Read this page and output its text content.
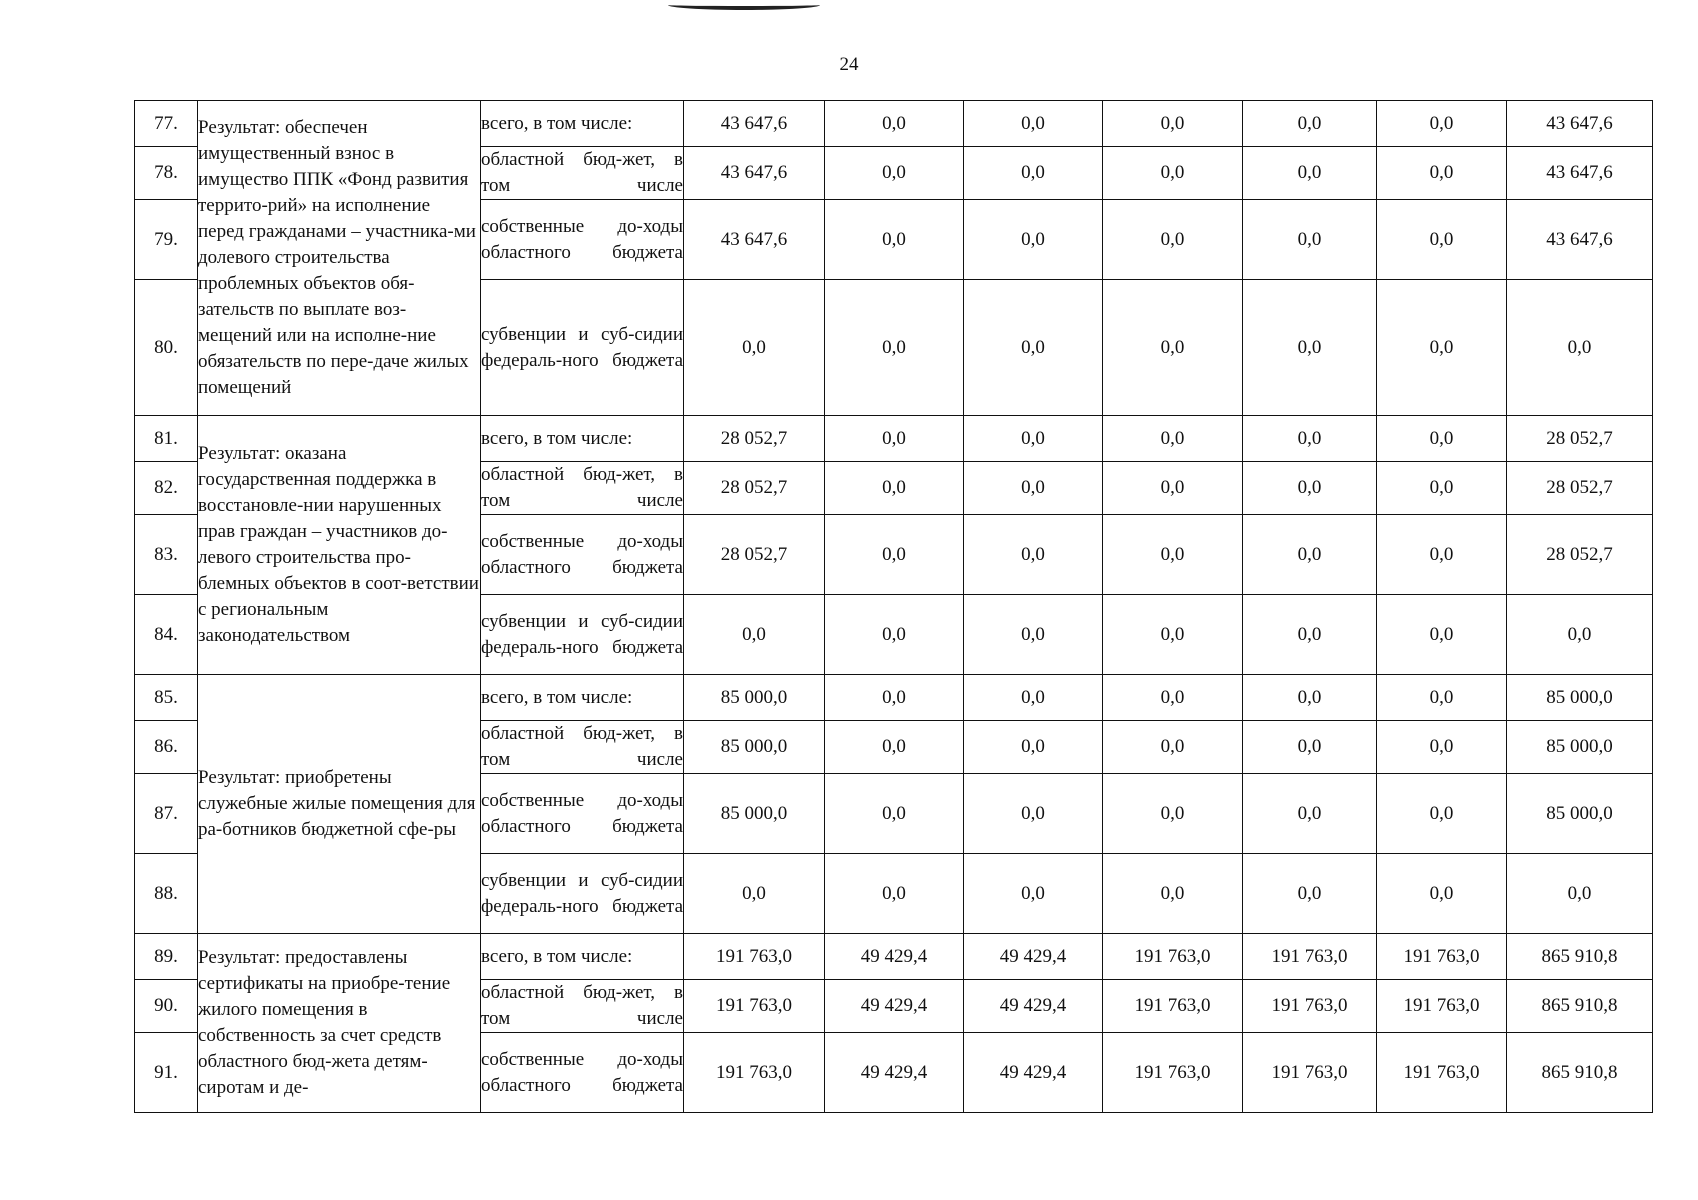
24
77.	Результат: обеспечен имущественный взнос в имущество ППК «Фонд развития террито-рий» на исполнение перед гражданами – участника-ми долевого строительства проблемных объектов обя-зательств по выплате воз-мещений или на исполне-ние обязательств по пере-даче жилых помещений	всего, в том числе:	43 647,6	0,0	0,0	0,0	0,0	0,0	43 647,6
78.		областной бюд-жет, в том числе	43 647,6	0,0	0,0	0,0	0,0	0,0	43 647,6
79.		собственные до-ходы областного бюджета	43 647,6	0,0	0,0	0,0	0,0	0,0	43 647,6
80.		субвенции и суб-сидии федераль-ного бюджета	0,0	0,0	0,0	0,0	0,0	0,0	0,0
81.	Результат: оказана государственная поддержка в восстановле-нии нарушенных прав граждан – участников до-левого строительства про-блемных объектов в соот-ветствии с региональным законодательством	всего, в том числе:	28 052,7	0,0	0,0	0,0	0,0	0,0	28 052,7
82.		областной бюд-жет, в том числе	28 052,7	0,0	0,0	0,0	0,0	0,0	28 052,7
83.		собственные до-ходы областного бюджета	28 052,7	0,0	0,0	0,0	0,0	0,0	28 052,7
84.		субвенции и суб-сидии федераль-ного бюджета	0,0	0,0	0,0	0,0	0,0	0,0	0,0
85.	Результат: приобретены служебные жилые помещения для ра-ботников бюджетной сфе-ры	всего, в том числе:	85 000,0	0,0	0,0	0,0	0,0	0,0	85 000,0
86.		областной бюд-жет, в том числе	85 000,0	0,0	0,0	0,0	0,0	0,0	85 000,0
87.		собственные до-ходы областного бюджета	85 000,0	0,0	0,0	0,0	0,0	0,0	85 000,0
88.		субвенции и суб-сидии федераль-ного бюджета	0,0	0,0	0,0	0,0	0,0	0,0	0,0
89.	Результат: предоставлены сертификаты на приобре-тение жилого помещения в собственность за счет средств областного бюд-жета детям-сиротам и де-	всего, в том числе:	191 763,0	49 429,4	49 429,4	191 763,0	191 763,0	191 763,0	865 910,8
90.		областной бюд-жет, в том числе	191 763,0	49 429,4	49 429,4	191 763,0	191 763,0	191 763,0	865 910,8
91.		собственные до-ходы областного бюджета	191 763,0	49 429,4	49 429,4	191 763,0	191 763,0	191 763,0	865 910,8
